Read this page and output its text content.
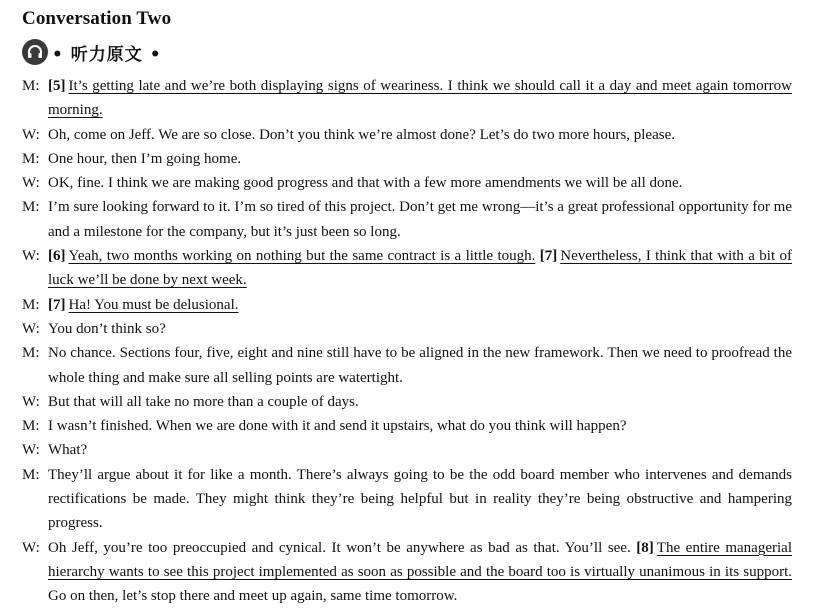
Conversation Two
• 听力原文 •
M: [5] It’s getting late and we’re both displaying signs of weariness. I think we should call it a day and meet again tomorrow morning.
W: Oh, come on Jeff. We are so close. Don’t you think we’re almost done? Let’s do two more hours, please.
M: One hour, then I’m going home.
W: OK, fine. I think we are making good progress and that with a few more amendments we will be all done.
M: I’m sure looking forward to it. I’m so tired of this project. Don’t get me wrong—it’s a great professional opportunity for me and a milestone for the company, but it’s just been so long.
W: [6] Yeah, two months working on nothing but the same contract is a little tough. [7] Nevertheless, I think that with a bit of luck we’ll be done by next week.
M: [7] Ha! You must be delusional.
W: You don’t think so?
M: No chance. Sections four, five, eight and nine still have to be aligned in the new framework. Then we need to proofread the whole thing and make sure all selling points are watertight.
W: But that will all take no more than a couple of days.
M: I wasn’t finished. When we are done with it and send it upstairs, what do you think will happen?
W: What?
M: They’ll argue about it for like a month. There’s always going to be the odd board member who intervenes and demands rectifications be made. They might think they’re being helpful but in reality they’re being obstructive and hampering progress.
W: Oh Jeff, you’re too preoccupied and cynical. It won’t be anywhere as bad as that. You’ll see. [8] The entire managerial hierarchy wants to see this project implemented as soon as possible and the board too is virtually unanimous in its support. Go on then, let’s stop there and meet up again, same time tomorrow.
